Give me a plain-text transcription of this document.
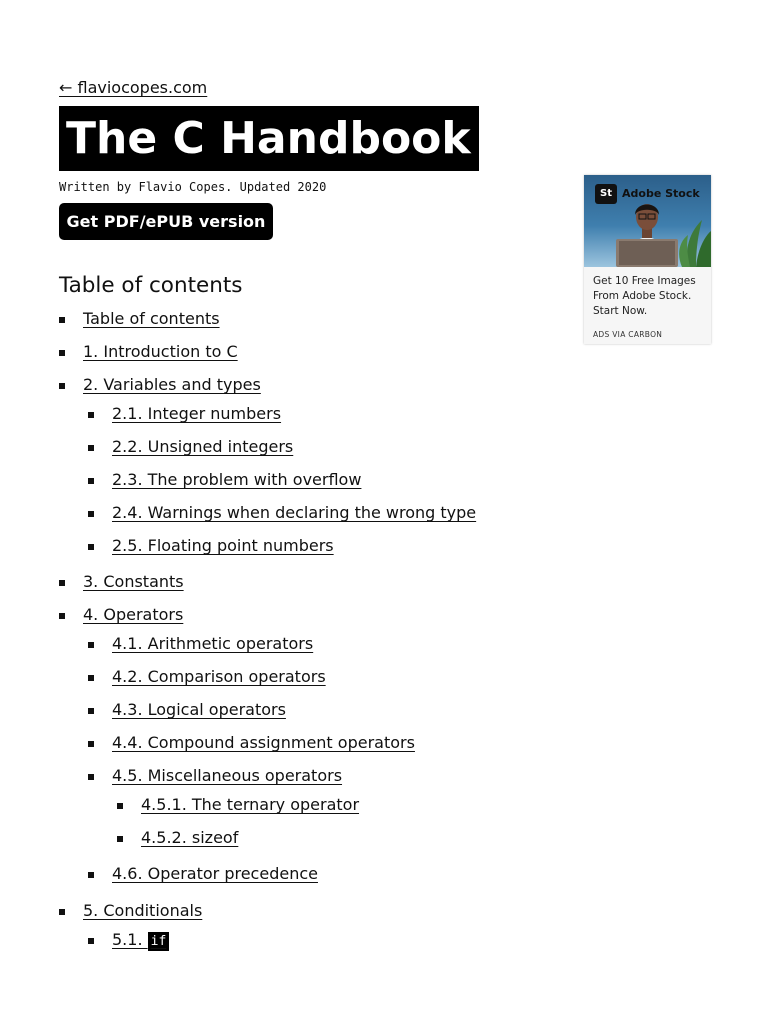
← flaviocopes.com
The C Handbook
Written by Flavio Copes. Updated 2020
Get PDF/ePUB version
Table of contents
Table of contents
1. Introduction to C
2. Variables and types
2.1. Integer numbers
2.2. Unsigned integers
2.3. The problem with overflow
2.4. Warnings when declaring the wrong type
2.5. Floating point numbers
3. Constants
4. Operators
4.1. Arithmetic operators
4.2. Comparison operators
4.3. Logical operators
4.4. Compound assignment operators
4.5. Miscellaneous operators
4.5.1. The ternary operator
4.5.2. sizeof
4.6. Operator precedence
5. Conditionals
5.1. if
St Adobe Stock
Get 10 Free Images From Adobe Stock. Start Now.
ADS VIA CARBON
